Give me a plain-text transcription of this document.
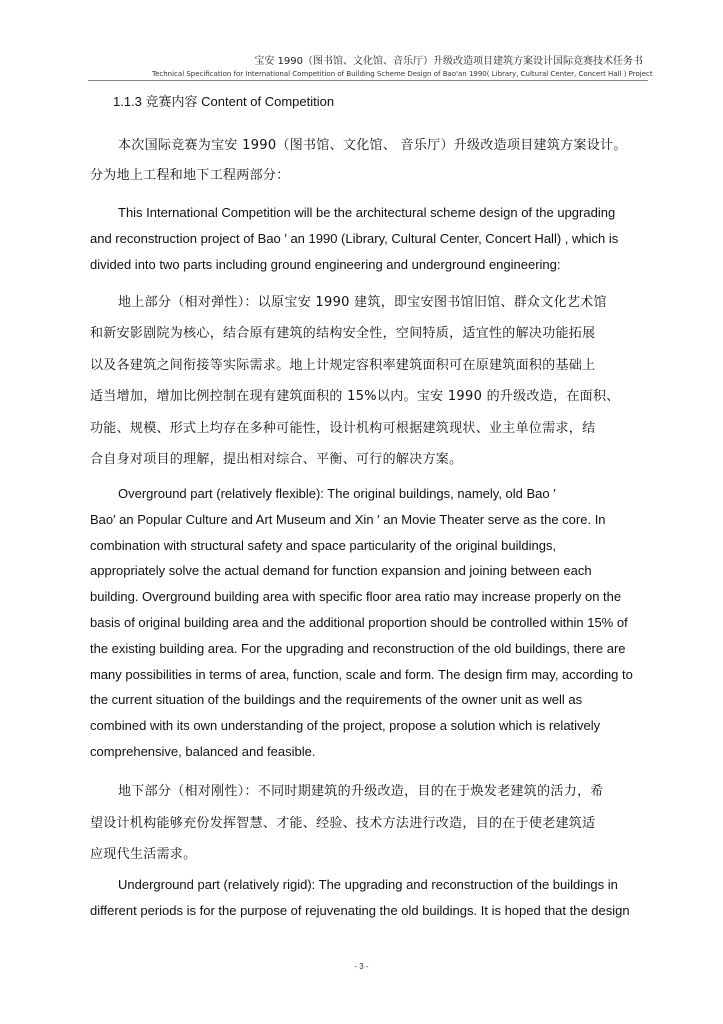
宝安 1990（图书馆、文化馆、音乐厅）升级改造项目建筑方案设计国际竞赛技术任务书
Technical Specification for International Competition of Building Scheme Design of Bao'an 1990 ( Library, Cultural Center, Concert Hall ) Project
1.1.3 竞赛内容 Content of Competition
本次国际竞赛为宝安 1990（图书馆、文化馆、 音乐厅）升级改造项目建筑方案设计。
分为地上工程和地下工程两部分：
This International Competition will be the architectural scheme design of the upgrading
and reconstruction project of Bao ′ an 1990 (Library, Cultural Center, Concert Hall) , which is
divided into two parts including ground engineering and underground engineering:
地上部分（相对弹性）：以原宝安 1990 建筑，即宝安图书馆旧馆、群众文化艺术馆
和新安影剧院为核心，结合原有建筑的结构安全性，空间特质，适宜性的解决功能拓展
以及各建筑之间衔接等实际需求。地上计规定容积率建筑面积可在原建筑面积的基础上
适当增加，增加比例控制在现有建筑面积的 15%以内。宝安 1990 的升级改造，在面积、
功能、规模、形式上均存在多种可能性，设计机构可根据建筑现状、业主单位需求，结
合自身对项目的理解，提出相对综合、平衡、可行的解决方案。
Overground part (relatively flexible): The original buildings, namely, old Bao ′
Bao′ an Popular Culture and Art Museum and Xin ′ an Movie Theater serve as the core. In
combination with structural safety and space particularity of the original buildings,
appropriately solve the actual demand for function expansion and joining between each
building. Overground building area with specific floor area ratio may increase properly on the
basis of original building area and the additional proportion should be controlled within 15% of
the existing building area. For the upgrading and reconstruction of the old buildings, there are
many possibilities in terms of area, function, scale and form. The design firm may, according to
the current situation of the buildings and the requirements of the owner unit as well as
combined with its own understanding of the project, propose a solution which is relatively
comprehensive, balanced and feasible.
地下部分（相对刚性）：不同时期建筑的升级改造，目的在于焕发老建筑的活力，希
望设计机构能够充份发挥智慧、才能、经验、技术方法进行改造，目的在于使老建筑适
应现代生活需求。
Underground part (relatively rigid): The upgrading and reconstruction of the buildings in
different periods is for the purpose of rejuvenating the old buildings. It is hoped that the design
- 3 -
